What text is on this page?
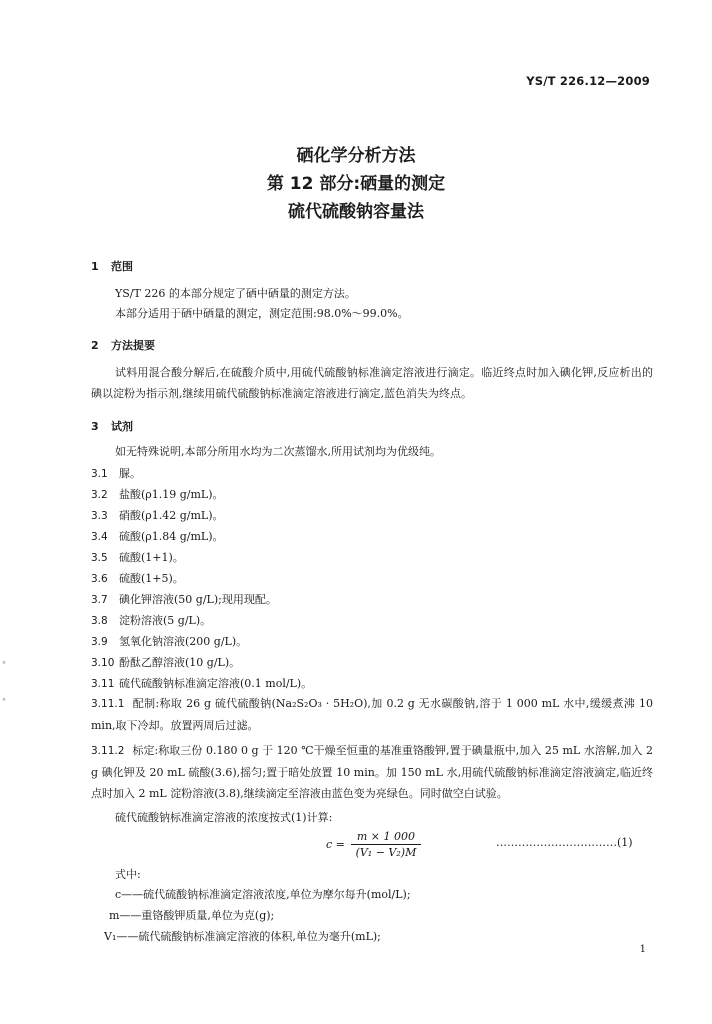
YS/T 226.12—2009
硒化学分析方法
第 12 部分:硒量的测定
硫代硫酸钠容量法
1 范围
YS/T 226 的本部分规定了硒中硒量的测定方法。
本部分适用于硒中硒量的测定，测定范围:98.0%～99.0%。
2 方法提要
试料用混合酸分解后,在硫酸介质中,用硫代硫酸钠标准滴定溶液进行滴定。临近终点时加入碘化钾,反应析出的碘以淀粉为指示剂,继续用硫代硫酸钠标准滴定溶液进行滴定,蓝色消失为终点。
3 试剂
如无特殊说明,本部分所用水均为二次蒸馏水,所用试剂均为优级纯。
3.1 脲。
3.2 盐酸(ρ1.19 g/mL)。
3.3 硝酸(ρ1.42 g/mL)。
3.4 硫酸(ρ1.84 g/mL)。
3.5 硫酸(1+1)。
3.6 硫酸(1+5)。
3.7 碘化钾溶液(50 g/L);现用现配。
3.8 淀粉溶液(5 g/L)。
3.9 氢氧化钠溶液(200 g/L)。
3.10 酚酞乙醇溶液(10 g/L)。
3.11 硫代硫酸钠标准滴定溶液(0.1 mol/L)。
3.11.1 配制:称取 26 g 硫代硫酸钠(Na₂S₂O₃ · 5H₂O),加 0.2 g 无水碳酸钠,溶于 1 000 mL 水中,缓缓煮沸 10 min,取下冷却。放置两周后过滤。
3.11.2 标定:称取三份 0.180 0 g 于 120 ℃干燥至恒重的基准重铬酸钾,置于碘量瓶中,加入 25 mL 水溶解,加入 2 g 碘化钾及 20 mL 硫酸(3.6),摇匀;置于暗处放置 10 min。加 150 mL 水,用硫代硫酸钠标准滴定溶液滴定,临近终点时加入 2 mL 淀粉溶液(3.8),继续滴定至溶液由蓝色变为亮绿色。同时做空白试验。
硫代硫酸钠标准滴定溶液的浓度按式(1)计算:
$c = \frac{m \times 1 000}{\text{(V₁ − V₂)M}}$	……………………………(1)
式中:
c——硫代硫酸钠标准滴定溶液浓度,单位为摩尔每升(mol/L);
m——重铬酸钾质量,单位为克(g);
V₁——硫代硫酸钠标准滴定溶液的体积,单位为毫升(mL);
1
°
°
